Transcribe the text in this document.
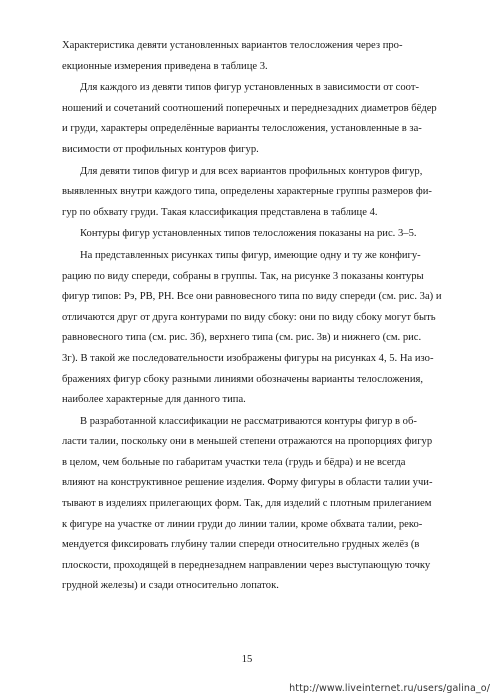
Характеристика девяти установленных вариантов телосложения через про-
екционные измерения приведена в таблице 3.
Для каждого из девяти типов фигур установленных в зависимости от соот-
ношений и сочетаний соотношений поперечных и переднезадних диаметров бёдер
и груди, характеры определённые варианты телосложения, установленные в за-
висимости от профильных контуров фигур.
Для девяти типов фигур и для всех вариантов профильных контуров фигур,
выявленных внутри каждого типа, определены характерные группы размеров фи-
гур по обхвату груди. Такая классификация представлена в таблице 4.
Контуры фигур установленных типов телосложения показаны на рис. 3–5.
На представленных рисунках типы фигур, имеющие одну и ту же конфигу-
рацию по виду спереди, собраны в группы. Так, на рисунке 3 показаны контуры
фигур типов: Pэ, PB, PH. Все они равновесного типа по виду спереди (см. рис. 3а) и
отличаются друг от друга контурами по виду сбоку: они по виду сбоку могут быть
равновесного типа (см. рис. 3б), верхнего типа (см. рис. 3в) и нижнего (см. рис.
3г). В такой же последовательности изображены фигуры на рисунках 4, 5. На изо-
бражениях фигур сбоку разными линиями обозначены варианты телосложения,
наиболее характерные для данного типа.
В разработанной классификации не рассматриваются контуры фигур в об-
ласти талии, поскольку они в меньшей степени отражаются на пропорциях фигур
в целом, чем больные по габаритам участки тела (грудь и бёдра) и не всегда
влияют на конструктивное решение изделия. Форму фигуры в области талии учи-
тывают в изделиях прилегающих форм. Так, для изделий с плотным прилеганием
к фигуре на участке от линии груди до линии талии, кроме обхвата талии, реко-
мендуется фиксировать глубину талии спереди относительно грудных желёз (в
плоскости, проходящей в переднезаднем направлении через выступающую точку
грудной железы) и сзади относительно лопаток.
15
http://www.liveinternet.ru/users/galina_o/
